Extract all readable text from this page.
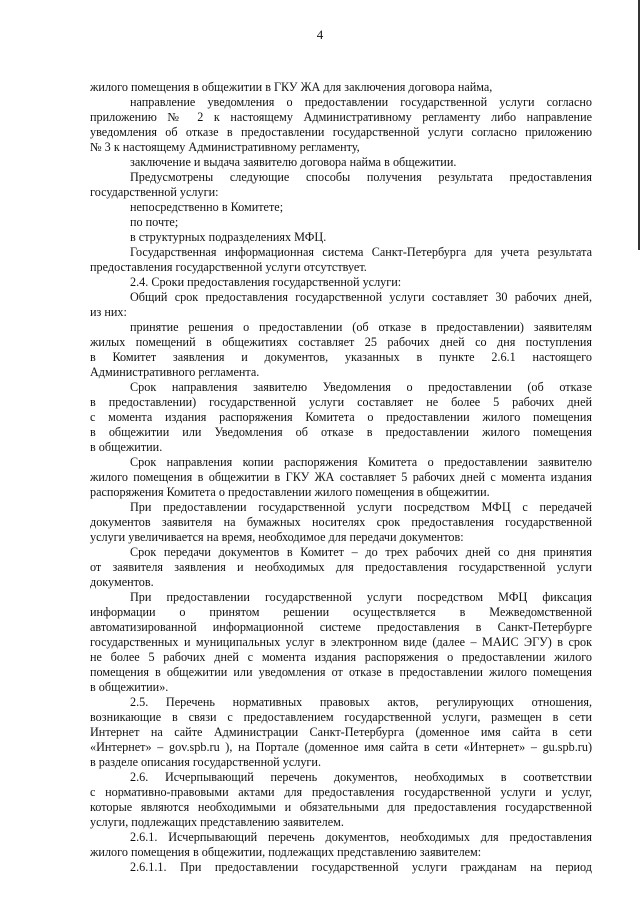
4
жилого помещения в общежитии в ГКУ ЖА для заключения договора найма,
направление уведомления о предоставлении государственной услуги согласно
приложению № 2 к настоящему Административному регламенту либо направление
уведомления об отказе в предоставлении государственной услуги согласно приложению
№ 3 к настоящему Административному регламенту,
заключение и выдача заявителю договора найма в общежитии.
Предусмотрены следующие способы получения результата предоставления
государственной услуги:
непосредственно в Комитете;
по почте;
в структурных подразделениях МФЦ.
Государственная информационная система Санкт-Петербурга для учета результата
предоставления государственной услуги отсутствует.
2.4. Сроки предоставления государственной услуги:
Общий срок предоставления государственной услуги составляет 30 рабочих дней,
из них:
принятие решения о предоставлении (об отказе в предоставлении) заявителям
жилых помещений в общежитиях составляет 25 рабочих дней со дня поступления
в Комитет заявления и документов, указанных в пункте 2.6.1 настоящего
Административного регламента.
Срок направления заявителю Уведомления о предоставлении (об отказе
в предоставлении) государственной услуги составляет не более 5 рабочих дней
с момента издания распоряжения Комитета о предоставлении жилого помещения
в общежитии или Уведомления об отказе в предоставлении жилого помещения
в общежитии.
Срок направления копии распоряжения Комитета о предоставлении заявителю
жилого помещения в общежитии в ГКУ ЖА составляет 5 рабочих дней с момента издания
распоряжения Комитета о предоставлении жилого помещения в общежитии.
При предоставлении государственной услуги посредством МФЦ с передачей
документов заявителя на бумажных носителях срок предоставления государственной
услуги увеличивается на время, необходимое для передачи документов:
Срок передачи документов в Комитет – до трех рабочих дней со дня принятия
от заявителя заявления и необходимых для предоставления государственной услуги
документов.
При предоставлении государственной услуги посредством МФЦ фиксация
информации о принятом решении осуществляется в Межведомственной
автоматизированной информационной системе предоставления в Санкт-Петербурге
государственных и муниципальных услуг в электронном виде (далее – МАИС ЭГУ) в срок
не более 5 рабочих дней с момента издания распоряжения о предоставлении жилого
помещения в общежитии или уведомления от отказе в предоставлении жилого помещения
в общежитии».
2.5. Перечень нормативных правовых актов, регулирующих отношения,
возникающие в связи с предоставлением государственной услуги, размещен в сети
Интернет на сайте Администрации Санкт-Петербурга (доменное имя сайта в сети
«Интернет» – gov.spb.ru ), на Портале (доменное имя сайта в сети «Интернет» – gu.spb.ru)
в разделе описания государственной услуги.
2.6. Исчерпывающий перечень документов, необходимых в соответствии
с нормативно-правовыми актами для предоставления государственной услуги и услуг,
которые являются необходимыми и обязательными для предоставления государственной
услуги, подлежащих представлению заявителем.
2.6.1. Исчерпывающий перечень документов, необходимых для предоставления
жилого помещения в общежитии, подлежащих представлению заявителем:
2.6.1.1. При предоставлении государственной услуги гражданам на период
